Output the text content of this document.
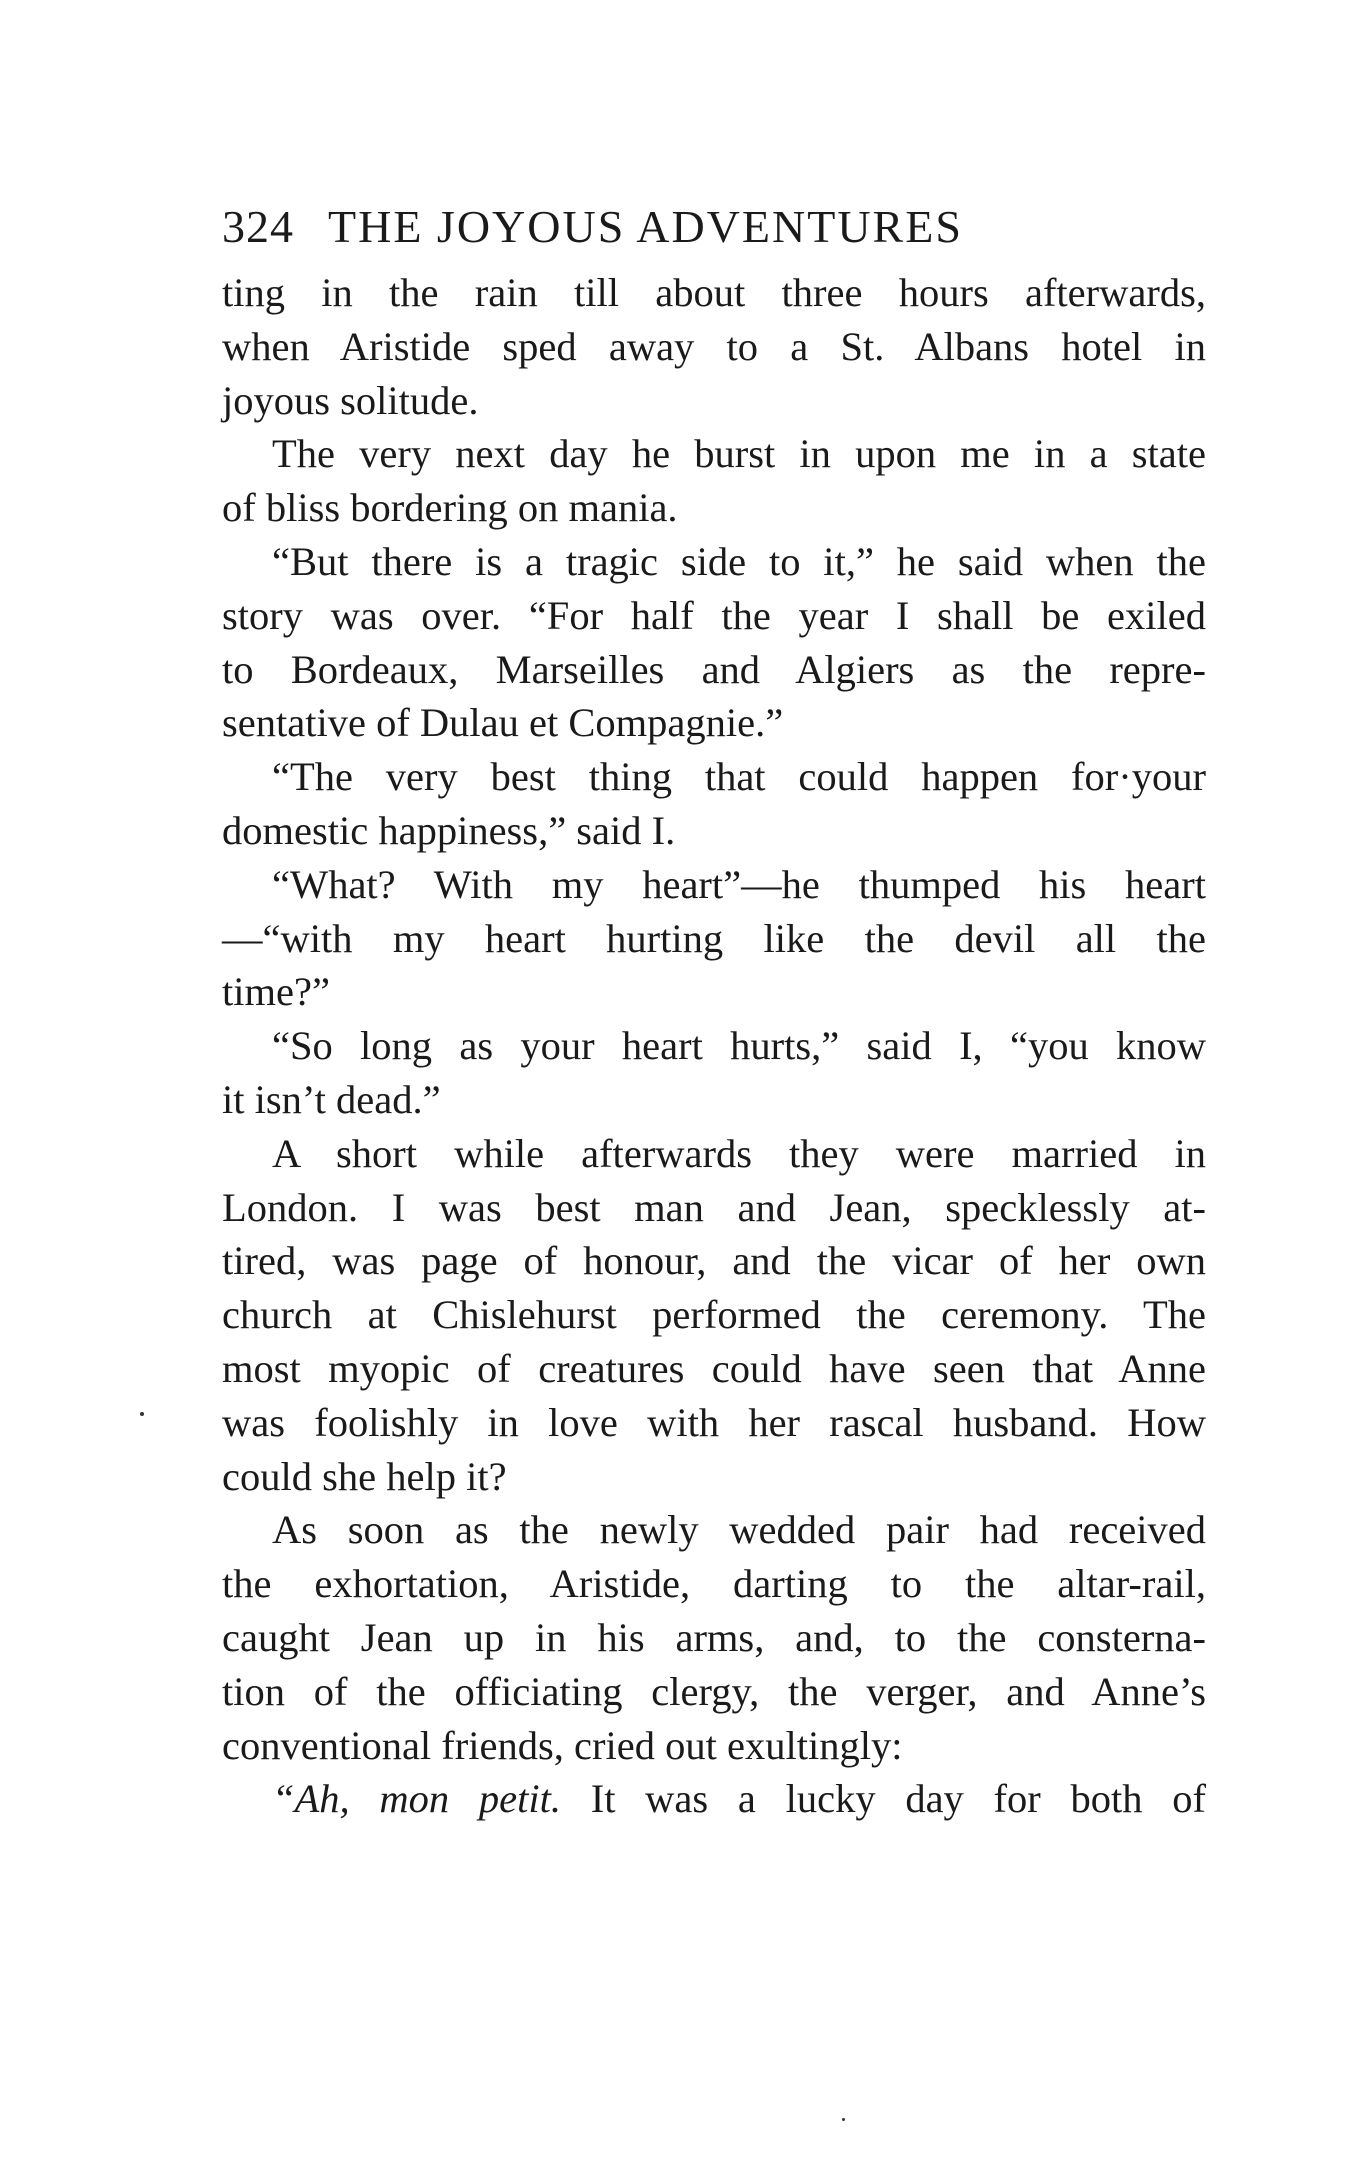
324 THE JOYOUS ADVENTURES
ting in the rain till about three hours afterwards,
when Aristide sped away to a St. Albans hotel in
joyous solitude.
The very next day he burst in upon me in a state
of bliss bordering on mania.
“But there is a tragic side to it,” he said when the
story was over. “For half the year I shall be exiled
to Bordeaux, Marseilles and Algiers as the repre-
sentative of Dulau et Compagnie.”
“The very best thing that could happen for·your
domestic happiness,” said I.
“What? With my heart”—he thumped his heart
—“with my heart hurting like the devil all the
time?”
“So long as your heart hurts,” said I, “you know
it isn’t dead.”
A short while afterwards they were married in
London. I was best man and Jean, specklessly at-
tired, was page of honour, and the vicar of her own
church at Chislehurst performed the ceremony. The
most myopic of creatures could have seen that Anne
was foolishly in love with her rascal husband. How
could she help it?
As soon as the newly wedded pair had received
the exhortation, Aristide, darting to the altar-rail,
caught Jean up in his arms, and, to the consterna-
tion of the officiating clergy, the verger, and Anne’s
conventional friends, cried out exultingly:
“Ah, mon petit. It was a lucky day for both of
